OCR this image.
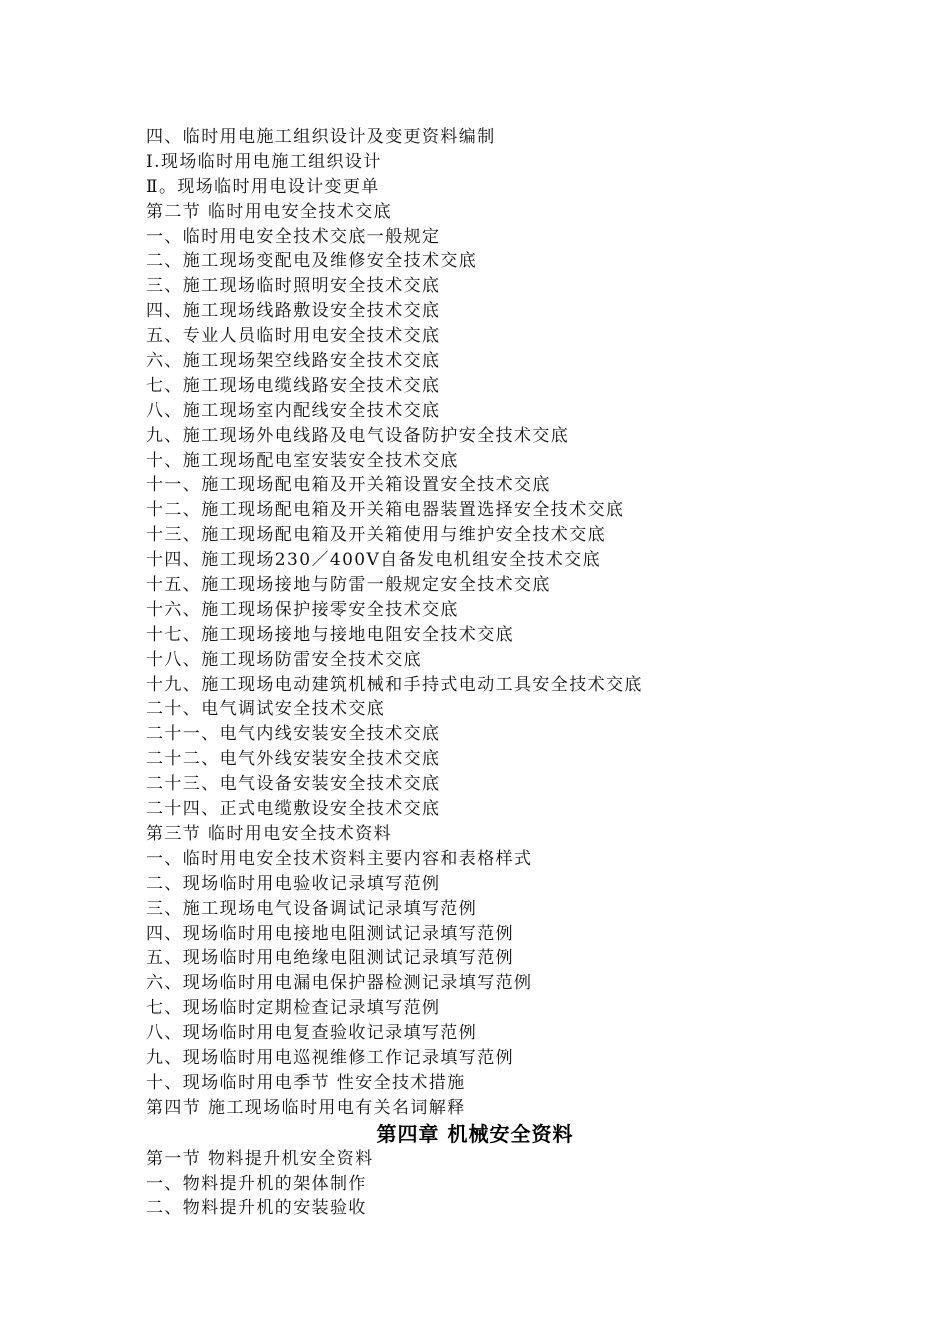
四、临时用电施工组织设计及变更资料编制
I.现场临时用电施工组织设计
Ⅱ。现场临时用电设计变更单
第二节 临时用电安全技术交底
一、临时用电安全技术交底一般规定
二、施工现场变配电及维修安全技术交底
三、施工现场临时照明安全技术交底
四、施工现场线路敷设安全技术交底
五、专业人员临时用电安全技术交底
六、施工现场架空线路安全技术交底
七、施工现场电缆线路安全技术交底
八、施工现场室内配线安全技术交底
九、施工现场外电线路及电气设备防护安全技术交底
十、施工现场配电室安装安全技术交底
十一、施工现场配电箱及开关箱设置安全技术交底
十二、施工现场配电箱及开关箱电器装置选择安全技术交底
十三、施工现场配电箱及开关箱使用与维护安全技术交底
十四、施工现场230／400V自备发电机组安全技术交底
十五、施工现场接地与防雷一般规定安全技术交底
十六、施工现场保护接零安全技术交底
十七、施工现场接地与接地电阻安全技术交底
十八、施工现场防雷安全技术交底
十九、施工现场电动建筑机械和手持式电动工具安全技术交底
二十、电气调试安全技术交底
二十一、电气内线安装安全技术交底
二十二、电气外线安装安全技术交底
二十三、电气设备安装安全技术交底
二十四、正式电缆敷设安全技术交底
第三节 临时用电安全技术资料
一、临时用电安全技术资料主要内容和表格样式
二、现场临时用电验收记录填写范例
三、施工现场电气设备调试记录填写范例
四、现场临时用电接地电阻测试记录填写范例
五、现场临时用电绝缘电阻测试记录填写范例
六、现场临时用电漏电保护器检测记录填写范例
七、现场临时定期检查记录填写范例
八、现场临时用电复查验收记录填写范例
九、现场临时用电巡视维修工作记录填写范例
十、现场临时用电季节 性安全技术措施
第四节 施工现场临时用电有关名词解释
第四章 机械安全资料
第一节 物料提升机安全资料
一、物料提升机的架体制作
二、物料提升机的安装验收
